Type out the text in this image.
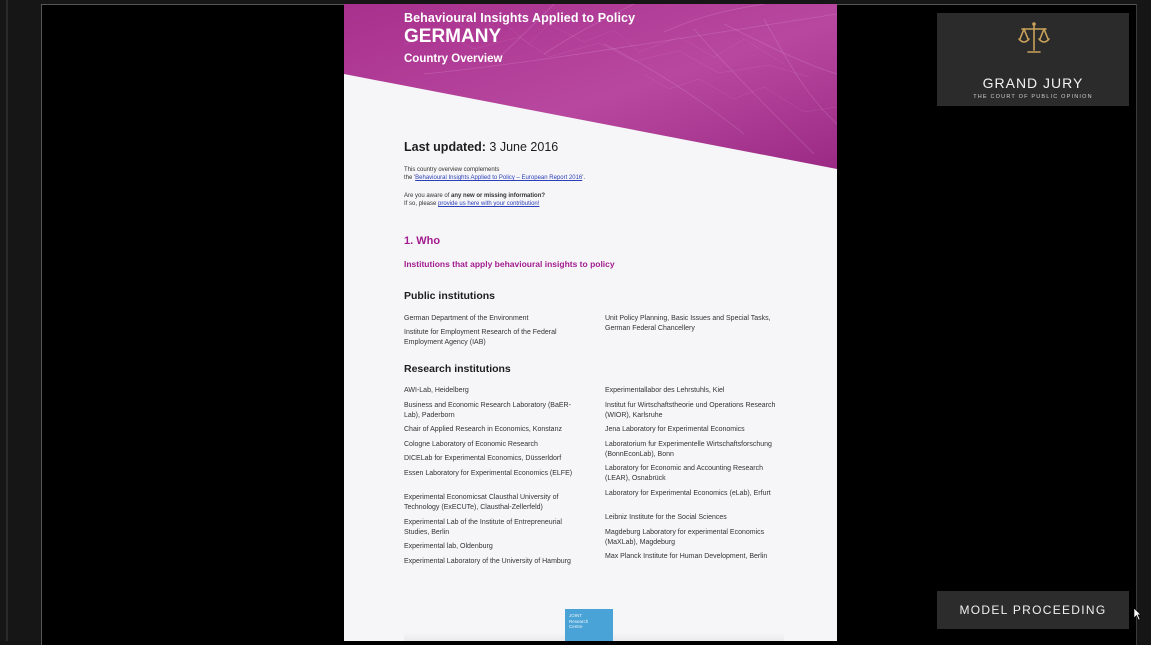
Behavioural Insights Applied to Policy
GERMANY
Country Overview
Last updated: 3 June 2016
This country overview complements
the 'Behavioural Insights Applied to Policy – European Report 2016'.
Are you aware of any new or missing information?
If so, please provide us here with your contribution!
1. Who
Institutions that apply behavioural insights to policy
Public institutions
German Department of the Environment
Institute for Employment Research of the Federal Employment Agency (IAB)
Unit Policy Planning, Basic Issues and Special Tasks, German Federal Chancellery
Research institutions
AWI-Lab, Heidelberg
Business and Economic Research Laboratory (BaER-Lab), Paderborn
Chair of Applied Research in Economics, Konstanz
Cologne Laboratory of Economic Research
DICELab for Experimental Economics, Düsserldorf
Essen Laboratory for Experimental Economics (ELFE)
Experimental Economicsat Clausthal University of Technology (ExECUTe), Clausthal-Zellerfeld)
Experimental Lab of the Institute of Entrepreneurial Studies, Berlin
Experimental lab, Oldenburg
Experimental Laboratory of the University of Hamburg
Experimentallabor des Lehrstuhls, Kiel
Institut fur Wirtschaftstheorie und Operations Research (WIOR), Karlsruhe
Jena Laboratory for Experimental Economics
Laboratorium fur Experimentelle Wirtschaftsforschung (BonnEconLab), Bonn
Laboratory for Economic and Accounting Research (LEAR), Osnabrück
Laboratory for Experimental Economics (eLab), Erfurt
Leibniz Institute for the Social Sciences
Magdeburg Laboratory for experimental Economics (MaXLab), Magdeburg
Max Planck Institute for Human Development, Berlin
JOINT
Research
Centre
GRAND JURY
THE COURT OF PUBLIC OPINION
MODEL PROCEEDING
